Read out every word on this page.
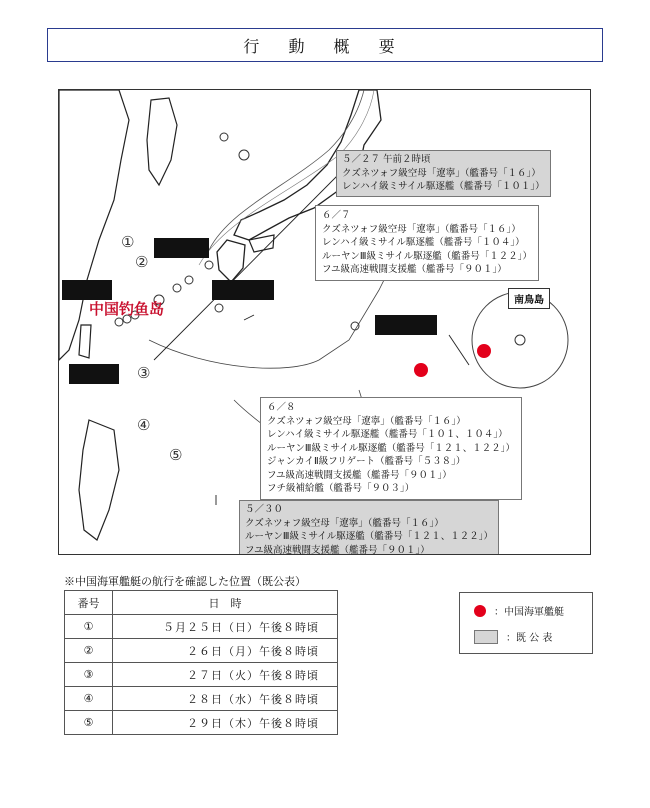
行 動 概 要
中国钓鱼岛	南鳥島
①
②
③
④
⑤
５／２７ 午前２時頃
クズネツォフ級空母「遼寧」（艦番号「１６」）
レンハイ級ミサイル駆逐艦（艦番号「１０１」）
６／７
クズネツォフ級空母「遼寧」（艦番号「１６」）
レンハイ級ミサイル駆逐艦（艦番号「１０４」）
ルーヤンⅢ級ミサイル駆逐艦（艦番号「１２２」）
フユ級高速戦闘支援艦（艦番号「９０１」）
６／８
クズネツォフ級空母「遼寧」（艦番号「１６」）
レンハイ級ミサイル駆逐艦（艦番号「１０１、１０４」）
ルーヤンⅢ級ミサイル駆逐艦（艦番号「１２１、１２２」）
ジャンカイⅡ級フリゲート（艦番号「５３８」）
フユ級高速戦闘支援艦（艦番号「９０１」）
フチ級補給艦（艦番号「９０３」）
５／３０
クズネツォフ級空母「遼寧」（艦番号「１６」）
ルーヤンⅢ級ミサイル駆逐艦（艦番号「１２１、１２２」）
フユ級高速戦闘支援艦（艦番号「９０１」）
※中国海軍艦艇の航行を確認した位置（既公表）
番号	日　時
①	５月２５日（日）午後８時頃
②	２６日（月）午後８時頃
③	２７日（火）午後８時頃
④	２８日（水）午後８時頃
⑤	２９日（木）午後８時頃
：中国海軍艦艇
：既 公 表
